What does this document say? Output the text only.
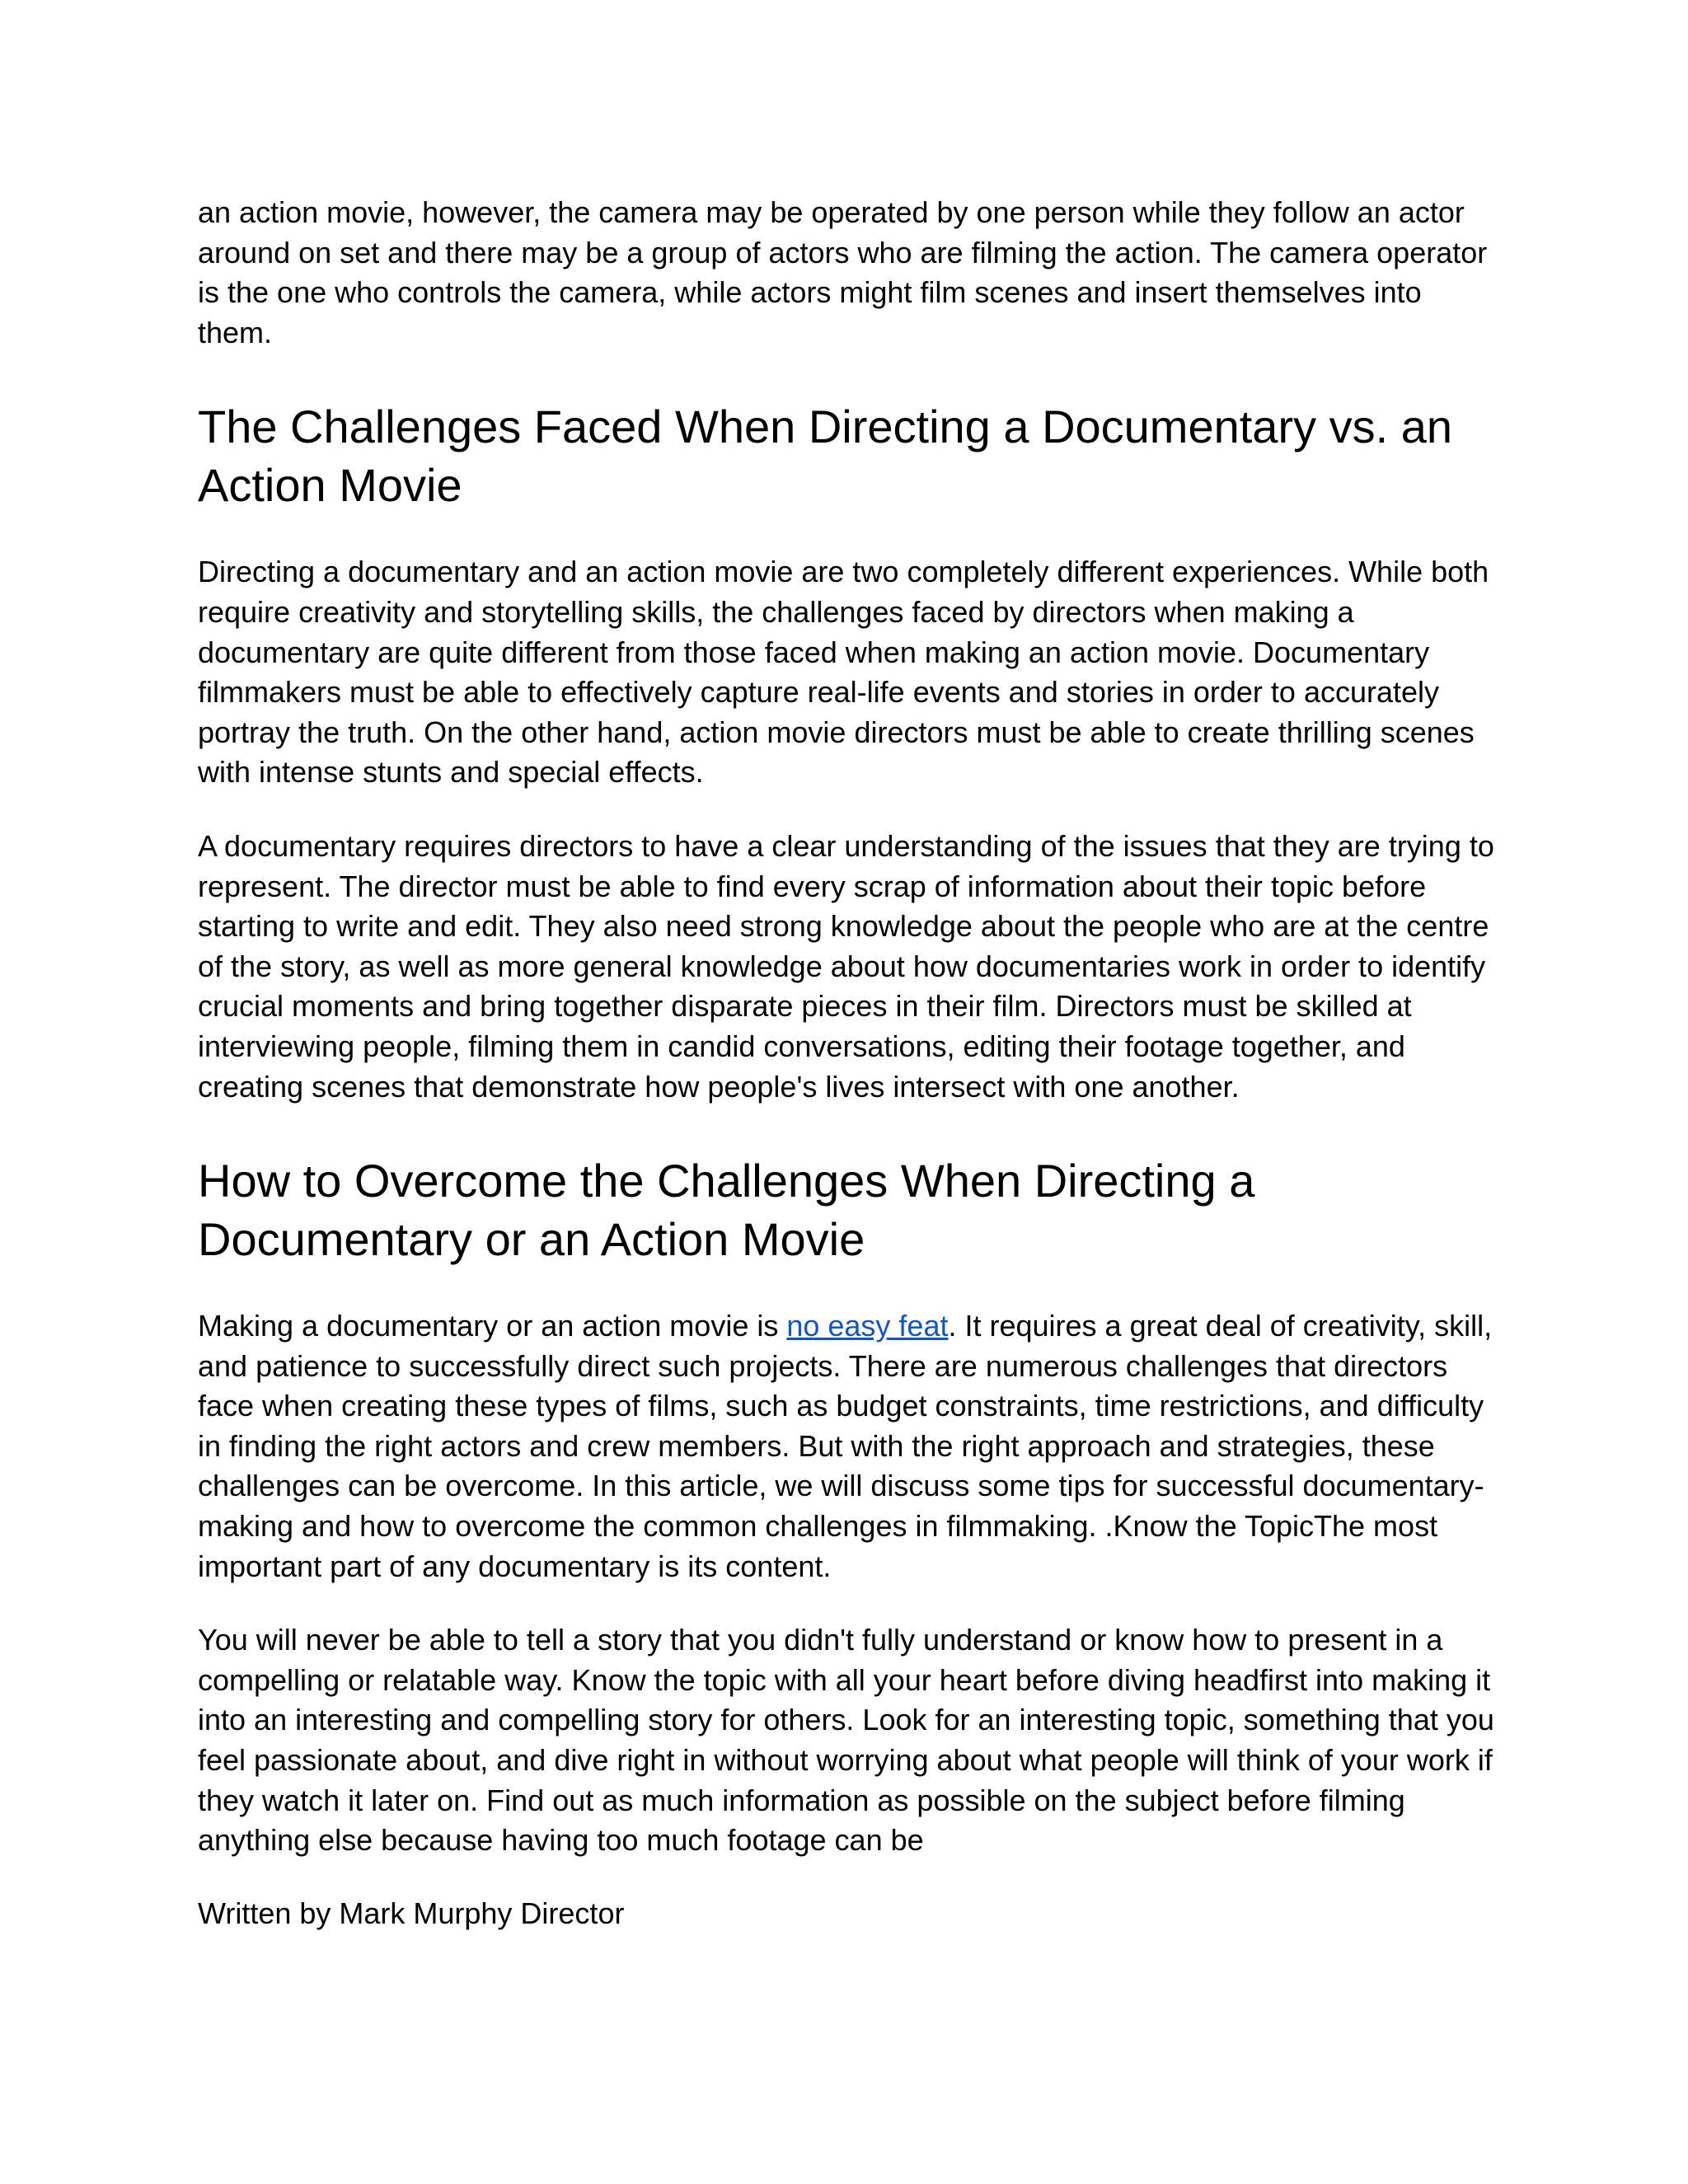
an action movie, however, the camera may be operated by one person while they follow an actor around on set and there may be a group of actors who are filming the action. The camera operator is the one who controls the camera, while actors might film scenes and insert themselves into them.

The Challenges Faced When Directing a Documentary vs. an Action Movie

Directing a documentary and an action movie are two completely different experiences. While both require creativity and storytelling skills, the challenges faced by directors when making a documentary are quite different from those faced when making an action movie. Documentary filmmakers must be able to effectively capture real-life events and stories in order to accurately portray the truth. On the other hand, action movie directors must be able to create thrilling scenes with intense stunts and special effects.

A documentary requires directors to have a clear understanding of the issues that they are trying to represent. The director must be able to find every scrap of information about their topic before starting to write and edit. They also need strong knowledge about the people who are at the centre of the story, as well as more general knowledge about how documentaries work in order to identify crucial moments and bring together disparate pieces in their film. Directors must be skilled at interviewing people, filming them in candid conversations, editing their footage together, and creating scenes that demonstrate how people's lives intersect with one another.

How to Overcome the Challenges When Directing a Documentary or an Action Movie

Making a documentary or an action movie is no easy feat. It requires a great deal of creativity, skill, and patience to successfully direct such projects. There are numerous challenges that directors face when creating these types of films, such as budget constraints, time restrictions, and difficulty in finding the right actors and crew members. But with the right approach and strategies, these challenges can be overcome. In this article, we will discuss some tips for successful documentary-making and how to overcome the common challenges in filmmaking. .Know the TopicThe most important part of any documentary is its content.

You will never be able to tell a story that you didn't fully understand or know how to present in a compelling or relatable way. Know the topic with all your heart before diving headfirst into making it into an interesting and compelling story for others. Look for an interesting topic, something that you feel passionate about, and dive right in without worrying about what people will think of your work if they watch it later on. Find out as much information as possible on the subject before filming anything else because having too much footage can be

Written by Mark Murphy Director
